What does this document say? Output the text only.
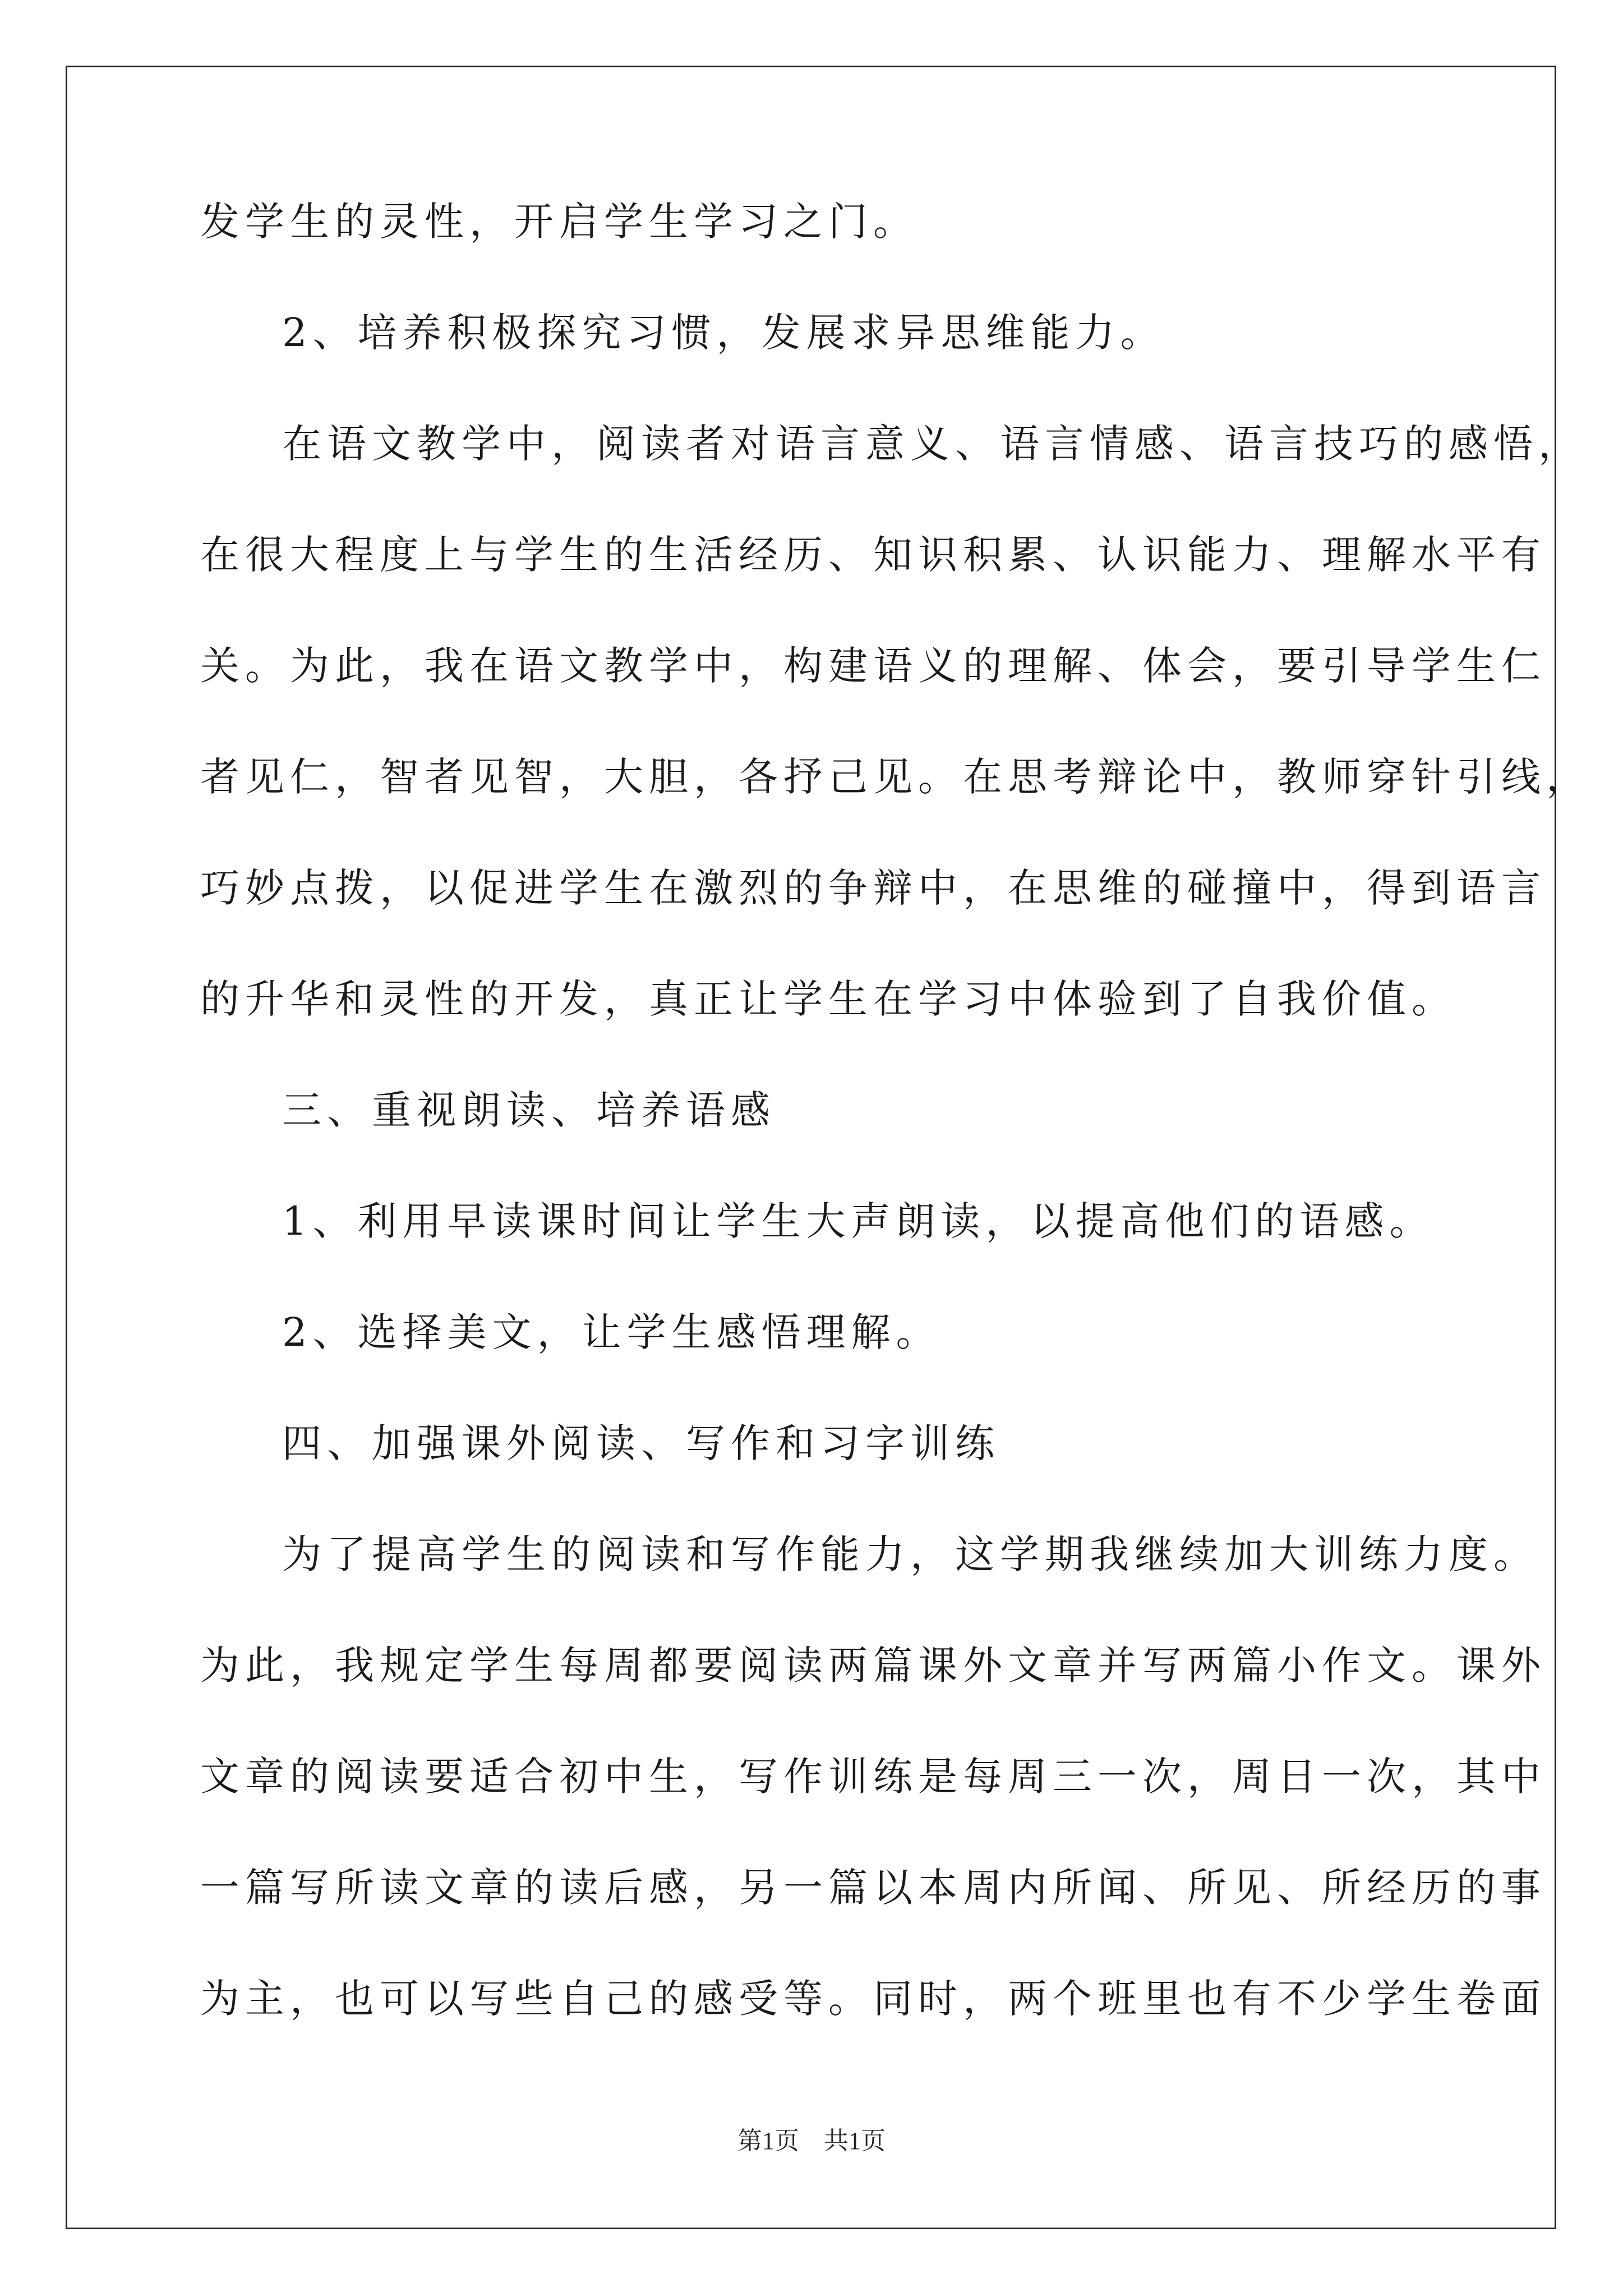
发学生的灵性，开启学生学习之门。
2、培养积极探究习惯，发展求异思维能力。
在语文教学中，阅读者对语言意义、语言情感、语言技巧的感悟，
在很大程度上与学生的生活经历、知识积累、认识能力、理解水平有
关。为此，我在语文教学中，构建语义的理解、体会，要引导学生仁
者见仁，智者见智，大胆，各抒己见。在思考辩论中，教师穿针引线，
巧妙点拨，以促进学生在激烈的争辩中，在思维的碰撞中，得到语言
的升华和灵性的开发，真正让学生在学习中体验到了自我价值。
三、重视朗读、培养语感
1、利用早读课时间让学生大声朗读，以提高他们的语感。
2、选择美文，让学生感悟理解。
四、加强课外阅读、写作和习字训练
为了提高学生的阅读和写作能力，这学期我继续加大训练力度。
为此，我规定学生每周都要阅读两篇课外文章并写两篇小作文。课外
文章的阅读要适合初中生，写作训练是每周三一次，周日一次，其中
一篇写所读文章的读后感，另一篇以本周内所闻、所见、所经历的事
为主，也可以写些自己的感受等。同时，两个班里也有不少学生卷面
第1页　共1页
